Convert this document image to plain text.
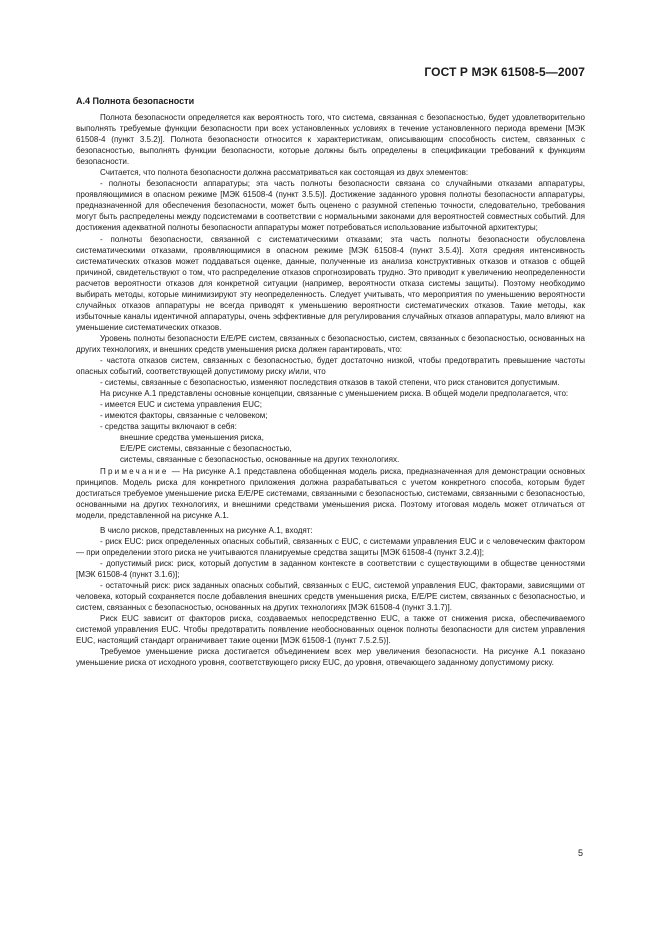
ГОСТ Р МЭК 61508-5—2007
А.4 Полнота безопасности

Полнота безопасности определяется как вероятность того, что система, связанная с безопасностью, будет удовлетворительно выполнять требуемые функции безопасности при всех установленных условиях в течение установленного периода времени [МЭК 61508-4 (пункт 3.5.2)]. Полнота безопасности относится к характеристикам, описывающим способность систем, связанных с безопасностью, выполнять функции безопасности, которые должны быть определены в спецификации требований к функциям безопасности.

Считается, что полнота безопасности должна рассматриваться как состоящая из двух элементов:

- полноты безопасности аппаратуры; эта часть полноты безопасности связана со случайными отказами аппаратуры, проявляющимися в опасном режиме [МЭК 61508-4 (пункт 3.5.5)]. Достижение заданного уровня полноты безопасности аппаратуры, предназначенной для обеспечения безопасности, может быть оценено с разумной степенью точности, следовательно, требования могут быть распределены между подсистемами в соответствии с нормальными законами для вероятностей совместных событий. Для достижения адекватной полноты безопасности аппаратуры может потребоваться использование избыточной архитектуры;

- полноты безопасности, связанной с систематическими отказами; эта часть полноты безопасности обусловлена систематическими отказами, проявляющимися в опасном режиме [МЭК 61508-4 (пункт 3.5.4)]. Хотя средняя интенсивность систематических отказов может поддаваться оценке, данные, полученные из анализа конструктивных отказов и отказов с общей причиной, свидетельствуют о том, что распределение отказов спрогнозировать трудно. Это приводит к увеличению неопределенности расчетов вероятности отказов для конкретной ситуации (например, вероятности отказа системы защиты). Поэтому необходимо выбирать методы, которые минимизируют эту неопределенность. Следует учитывать, что мероприятия по уменьшению вероятности случайных отказов аппаратуры не всегда приводят к уменьшению вероятности систематических отказов. Такие методы, как избыточные каналы идентичной аппаратуры, очень эффективные для регулирования случайных отказов аппаратуры, мало влияют на уменьшение систематических отказов.

Уровень полноты безопасности E/E/PE систем, связанных с безопасностью, систем, связанных с безопасностью, основанных на других технологиях, и внешних средств уменьшения риска должен гарантировать, что:

- частота отказов систем, связанных с безопасностью, будет достаточно низкой, чтобы предотвратить превышение частоты опасных событий, соответствующей допустимому риску и/или, что

- системы, связанные с безопасностью, изменяют последствия отказов в такой степени, что риск становится допустимым.

На рисунке А.1 представлены основные концепции, связанные с уменьшением риска. В общей модели предполагается, что:

- имеется EUC и система управления EUC;

- имеются факторы, связанные с человеком;

- средства защиты включают в себя:

внешние средства уменьшения риска,

E/E/PE системы, связанные с безопасностью,

системы, связанные с безопасностью, основанные на других технологиях.

Примечание — На рисунке А.1 представлена обобщенная модель риска, предназначенная для демонстрации основных принципов. Модель риска для конкретного приложения должна разрабатываться с учетом конкретного способа, которым будет достигаться требуемое уменьшение риска E/E/PE системами, связанными с безопасностью, системами, связанными с безопасностью, основанными на других технологиях, и внешними средствами уменьшения риска. Поэтому итоговая модель может отличаться от модели, представленной на рисунке А.1.

В число рисков, представленных на рисунке А.1, входят:

- риск EUC: риск определенных опасных событий, связанных с EUC, с системами управления EUC и с человеческим фактором — при определении этого риска не учитываются планируемые средства защиты [МЭК 61508-4 (пункт 3.2.4)];

- допустимый риск: риск, который допустим в заданном контексте в соответствии с существующими в обществе ценностями [МЭК 61508-4 (пункт 3.1.6)];

- остаточный риск: риск заданных опасных событий, связанных с EUC, системой управления EUC, факторами, зависящими от человека, который сохраняется после добавления внешних средств уменьшения риска, E/E/PE систем, связанных с безопасностью, и систем, связанных с безопасностью, основанных на других технологиях [МЭК 61508-4 (пункт 3.1.7)].

Риск EUC зависит от факторов риска, создаваемых непосредственно EUC, а также от снижения риска, обеспечиваемого системой управления EUC. Чтобы предотвратить появление необоснованных оценок полноты безопасности для систем управления EUC, настоящий стандарт ограничивает такие оценки [МЭК 61508-1 (пункт 7.5.2.5)].

Требуемое уменьшение риска достигается объединением всех мер увеличения безопасности. На рисунке А.1 показано уменьшение риска от исходного уровня, соответствующего риску EUC, до уровня, отвечающего заданному допустимому риску.

5
